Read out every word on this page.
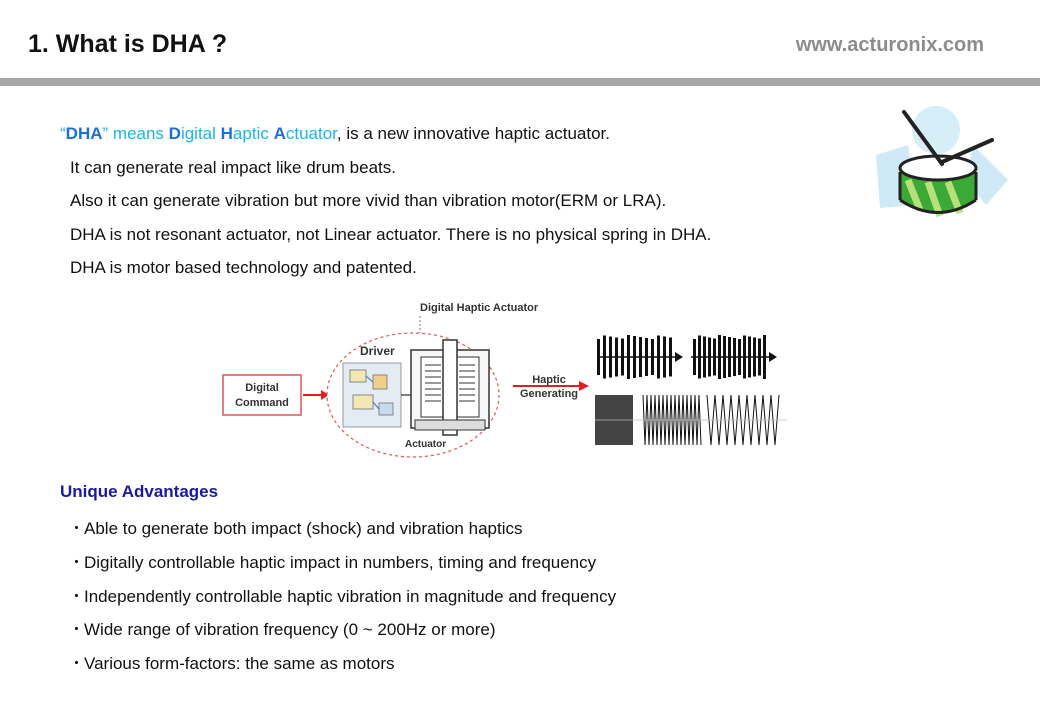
1. What is DHA ?	www.acturonix.com
“DHA” means Digital Haptic Actuator, is a new innovative haptic actuator.
It can generate real impact like drum beats.
Also it can generate vibration but more vivid than vibration motor(ERM or LRA).
DHA is not resonant actuator, not Linear actuator. There is no physical spring in DHA.
DHA is motor based technology and patented.
Digital Haptic Actuator
Digital
Command
Driver
Actuator
Haptic
Generating
Unique Advantages
・Able to generate both impact (shock) and vibration haptics
・Digitally controllable haptic impact in numbers, timing and frequency
・Independently controllable haptic vibration in magnitude and frequency
・Wide range of vibration frequency (0 ~ 200Hz or more)
・Various form-factors: the same as motors
